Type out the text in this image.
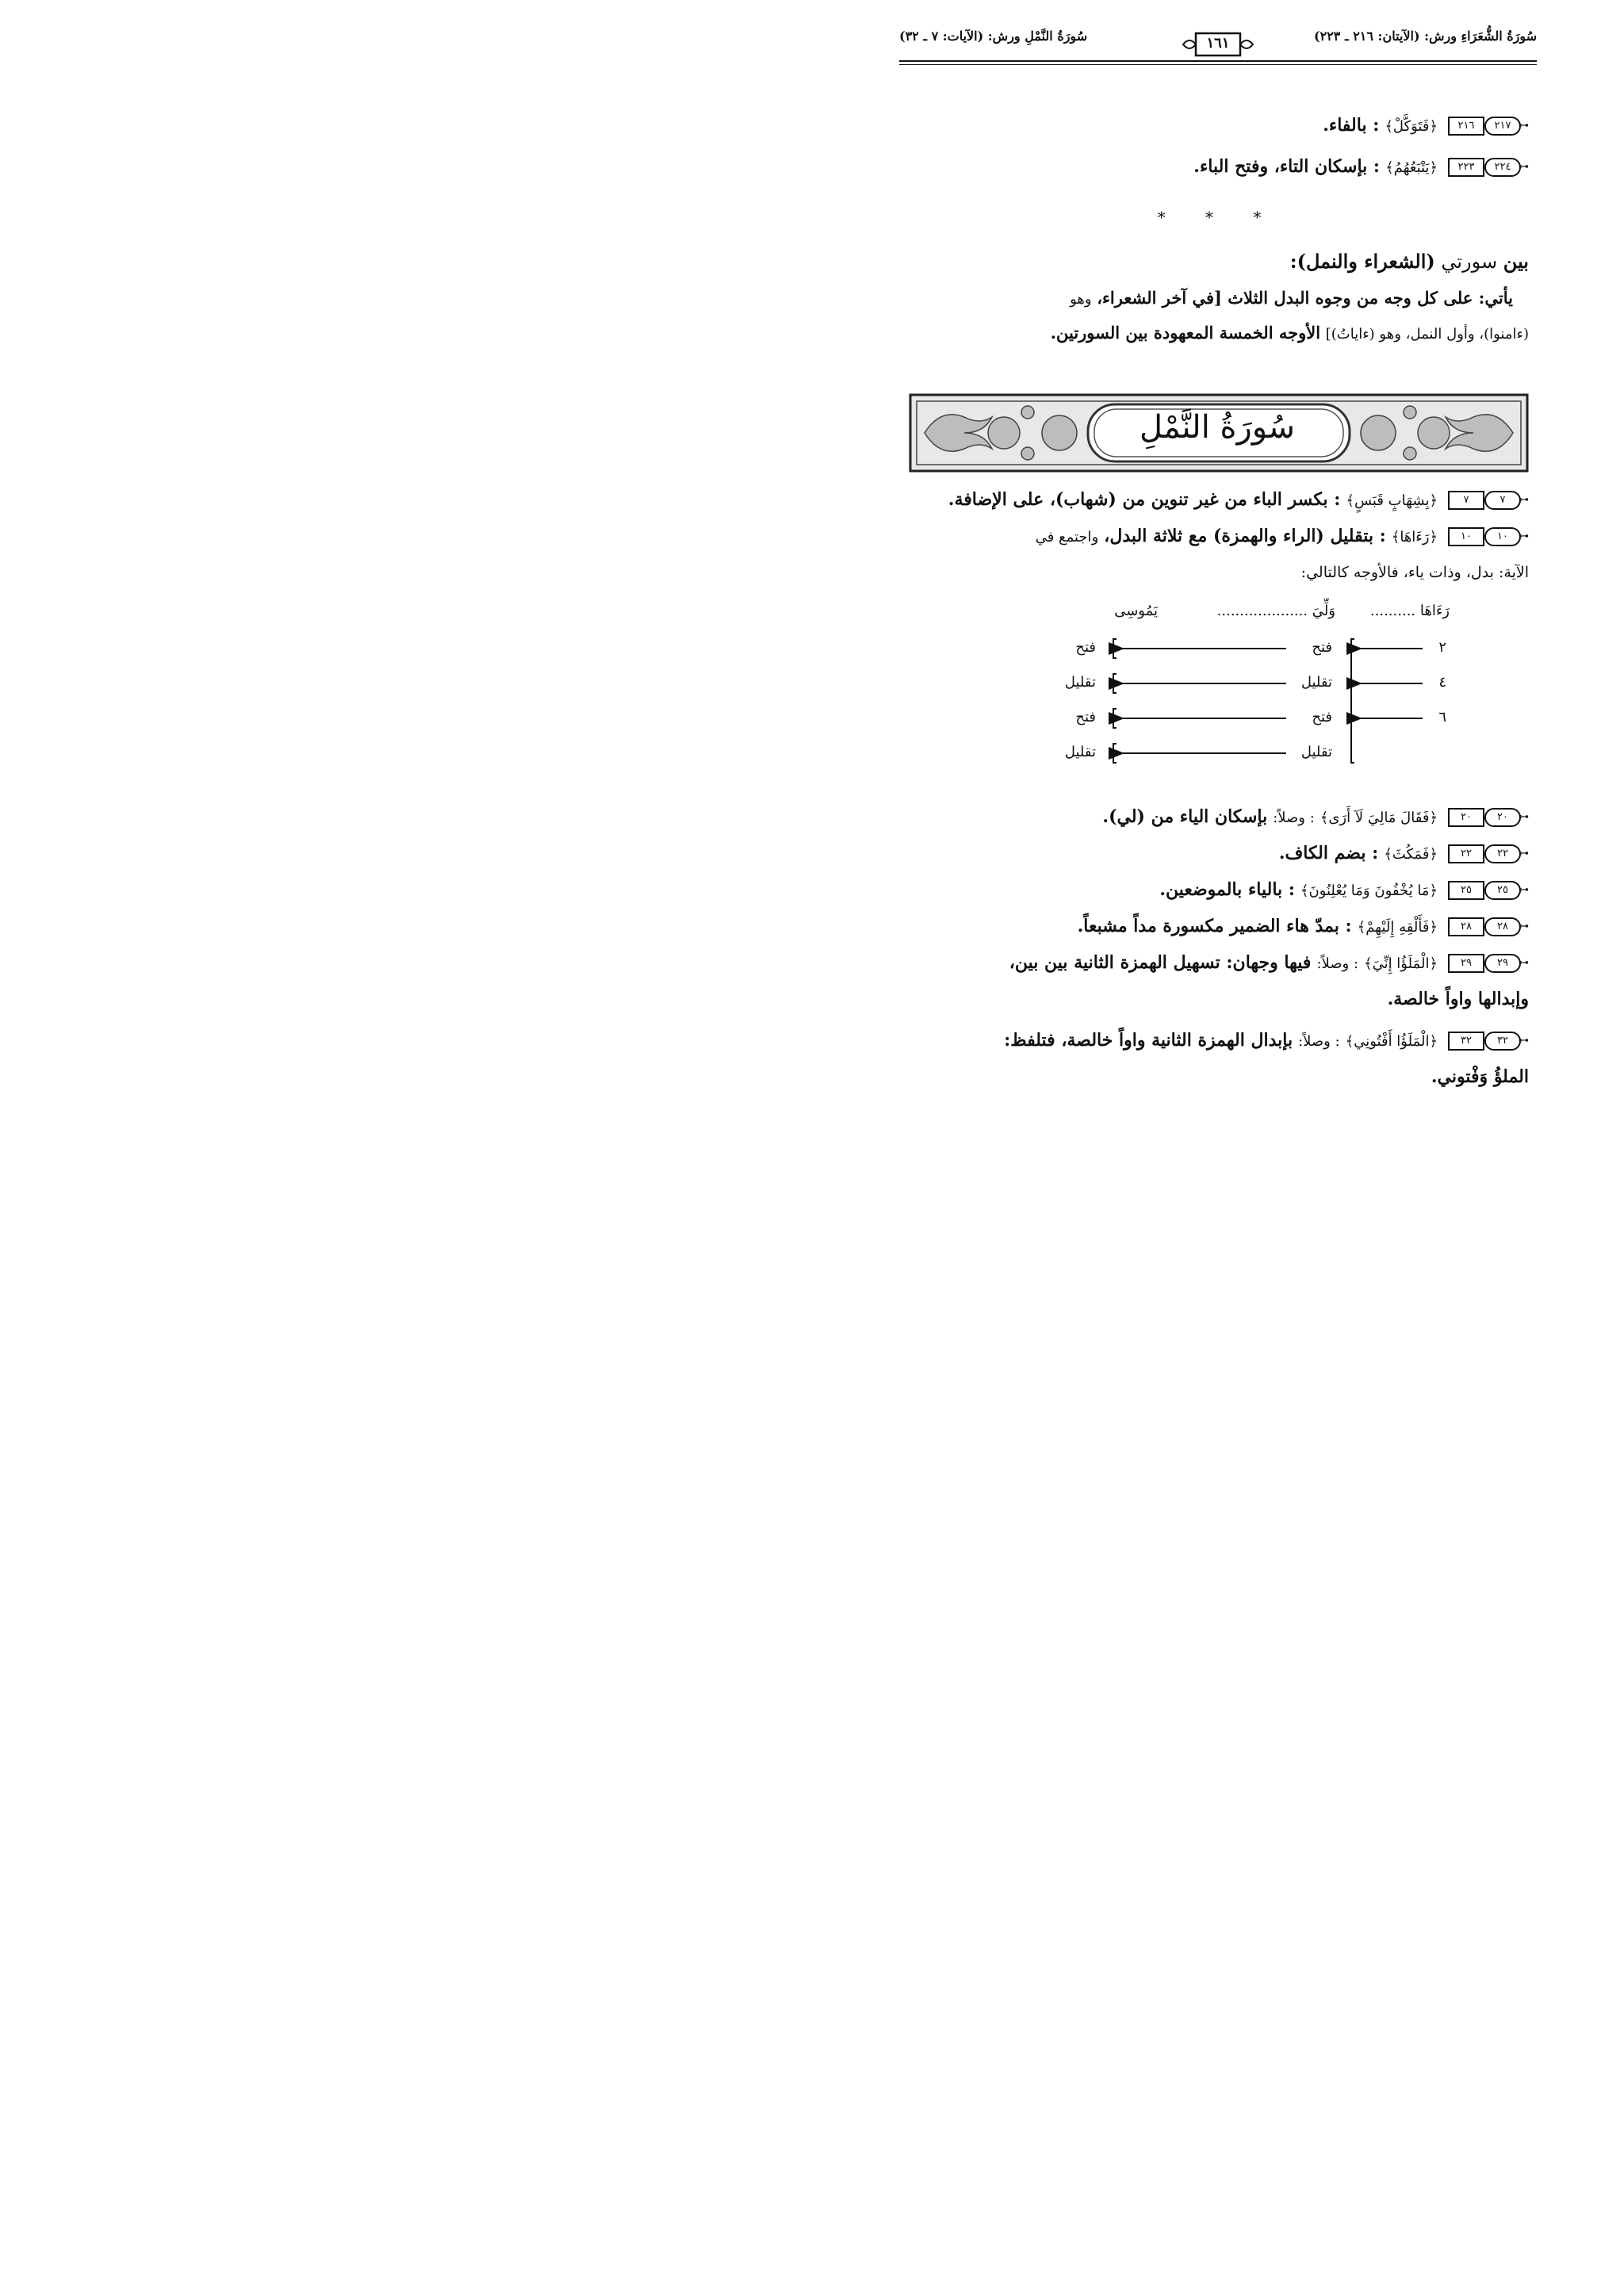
سُورَةُ الشُّعَرَاءِ ورش: (الآيتان: ٢١٦ ـ ٢٢٣)
سُورَةُ النَّمْلِ ورش: (الآيات: ٧ ـ ٣٢)	١٦١
٢١٦	٢١٧ ⊶
﴿فَتَوَكَّلْ﴾ : بالفاء.
٢٢٣	٢٢٤ ⊶
﴿يَتْبَعُهُمُ﴾ : بإسكان التاء، وفتح الباء.
* * *
بين سورتي (الشعراء والنمل):
يأتي: على كل وجه من وجوه البدل الثلاث [في آخر الشعراء، وهو
(ءامنوا)، وأول النمل، وهو (ءاياتُ)] الأوجه الخمسة المعهودة بين السورتين.
سُورَةُ النَّمْلِ
٧	٧	⊶
﴿بِشِهَابٍ قَبَسٍ﴾ : بكسر الباء من غير تنوين من (شهاب)، على الإضافة.
١٠	١٠	⊶
﴿رَءَاهَا﴾ : بتقليل (الراء والهمزة) مع ثلاثة البدل، واجتمع في
الآية: بدل، وذات ياء، فالأوجه كالتالي:
رَءَاهَا ..........
وَلِّيَ ....................
يَمُوسِى
٢
٤
٦
فتح
تقليل
فتح
تقليل
فتح
تقليل
فتح
تقليل
٢٠	٢٠	⊶
﴿فَقَالَ مَالِيَ لَآ أَرَى﴾ : وصلاً: بإسكان الياء من (لي).
٢٢	٢٢	⊶
﴿فَمَكُثَ﴾ : بضم الكاف.
٢٥	٢٥	⊶
﴿مَا يُخْفُونَ وَمَا يُعْلِنُونَ﴾ : بالياء بالموضعين.
٢٨	٢٨	⊶
﴿فَأَلْقِهِ إِلَيْهِمْ﴾ : بمدّ هاء الضمير مكسورة مداً مشبعاً.
٢٩	٢٩	⊶
﴿الْمَلَؤُا إِنِّيَ﴾ : وصلاً: فيها وجهان: تسهيل الهمزة الثانية بين بين،
وإبدالها واواً خالصة.
٣٢	٣٢	⊶
﴿الْمَلَؤُا أَفْتُونِي﴾ : وصلاً: بإبدال الهمزة الثانية واواً خالصة، فتلفظ:
الملؤُ وَفْتوني.
